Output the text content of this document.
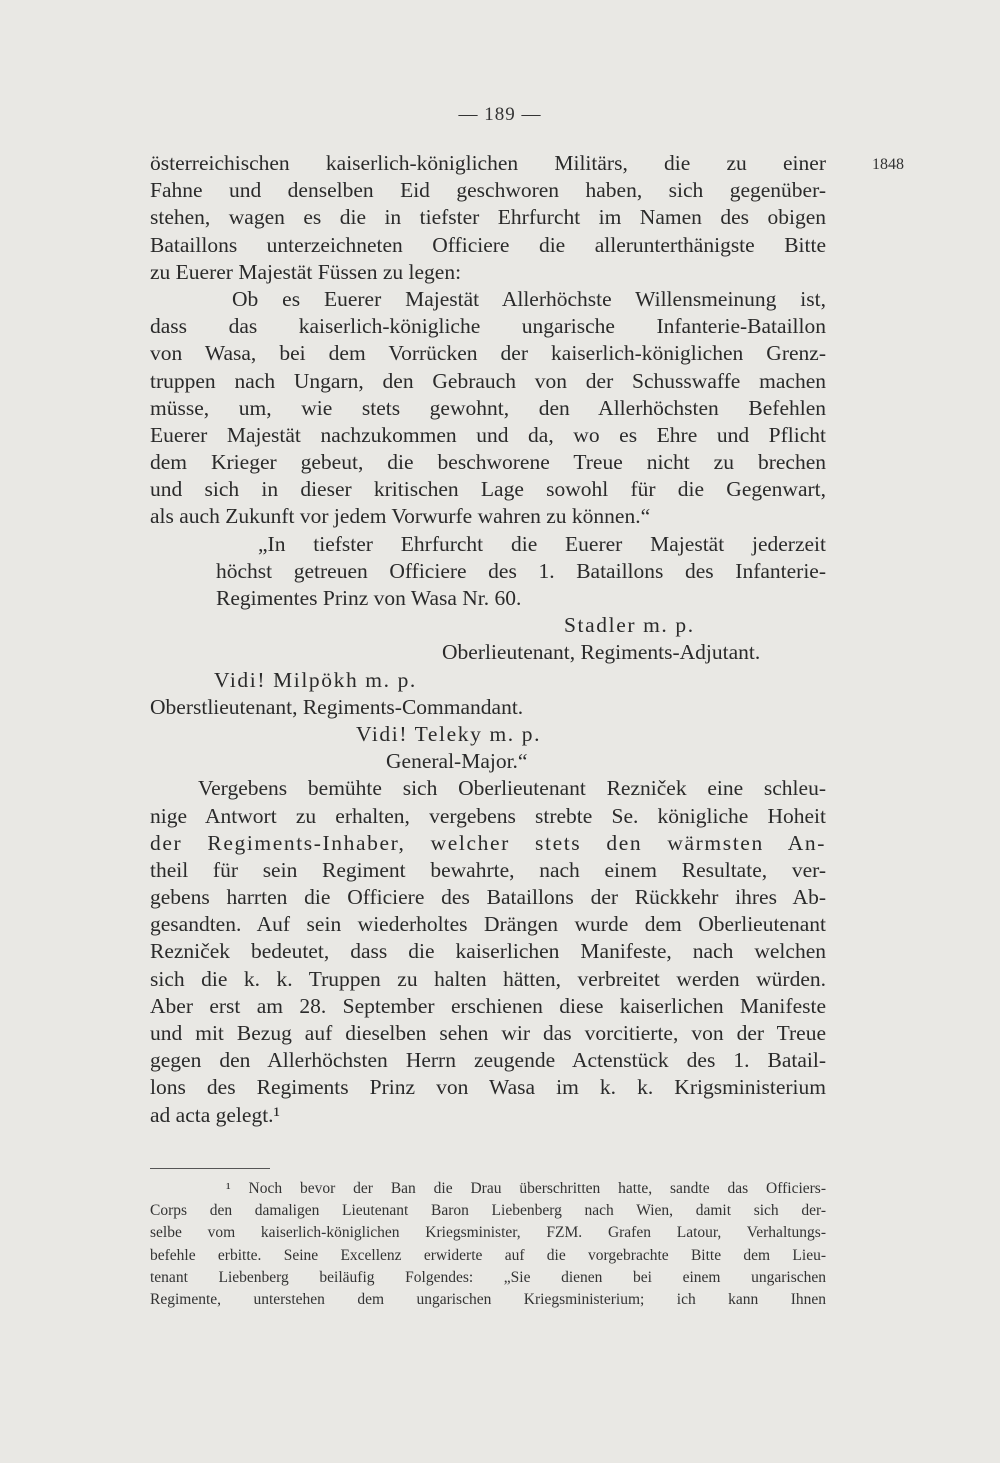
— 189 —
1848
österreichischen kaiserlich-königlichen Militärs, die zu einer
Fahne und denselben Eid geschworen haben, sich gegenüber-
stehen, wagen es die in tiefster Ehrfurcht im Namen des obigen
Bataillons unterzeichneten Officiere die allerunterthänigste Bitte
zu Euerer Majestät Füssen zu legen:
Ob es Euerer Majestät Allerhöchste Willensmeinung ist,
dass das kaiserlich-königliche ungarische Infanterie-Bataillon
von Wasa, bei dem Vorrücken der kaiserlich-königlichen Grenz-
truppen nach Ungarn, den Gebrauch von der Schusswaffe machen
müsse, um, wie stets gewohnt, den Allerhöchsten Befehlen
Euerer Majestät nachzukommen und da, wo es Ehre und Pflicht
dem Krieger gebeut, die beschworene Treue nicht zu brechen
und sich in dieser kritischen Lage sowohl für die Gegenwart,
als auch Zukunft vor jedem Vorwurfe wahren zu können.“
„In tiefster Ehrfurcht die Euerer Majestät jederzeit
höchst getreuen Officiere des 1. Bataillons des Infanterie-
Regimentes Prinz von Wasa Nr. 60.
Stadler m. p.
Oberlieutenant, Regiments-Adjutant.
Vidi! Milpökh m. p.
Oberstlieutenant, Regiments-Commandant.
Vidi! Teleky m. p.
General-Major.“
Vergebens bemühte sich Oberlieutenant Rezniček eine schleu-
nige Antwort zu erhalten, vergebens strebte Se. königliche Hoheit
der Regiments-Inhaber, welcher stets den wärmsten An-
theil für sein Regiment bewahrte, nach einem Resultate, ver-
gebens harrten die Officiere des Bataillons der Rückkehr ihres Ab-
gesandten. Auf sein wiederholtes Drängen wurde dem Oberlieutenant
Rezniček bedeutet, dass die kaiserlichen Manifeste, nach welchen
sich die k. k. Truppen zu halten hätten, verbreitet werden würden.
Aber erst am 28. September erschienen diese kaiserlichen Manifeste
und mit Bezug auf dieselben sehen wir das vorcitierte, von der Treue
gegen den Allerhöchsten Herrn zeugende Actenstück des 1. Batail-
lons des Regiments Prinz von Wasa im k. k. Krigsministerium
ad acta gelegt.¹
¹ Noch bevor der Ban die Drau überschritten hatte, sandte das Officiers-
Corps den damaligen Lieutenant Baron Liebenberg nach Wien, damit sich der-
selbe vom kaiserlich-königlichen Kriegsminister, FZM. Grafen Latour, Verhaltungs-
befehle erbitte. Seine Excellenz erwiderte auf die vorgebrachte Bitte dem Lieu-
tenant Liebenberg beiläufig Folgendes: „Sie dienen bei einem ungarischen
Regimente, unterstehen dem ungarischen Kriegsministerium; ich kann Ihnen
